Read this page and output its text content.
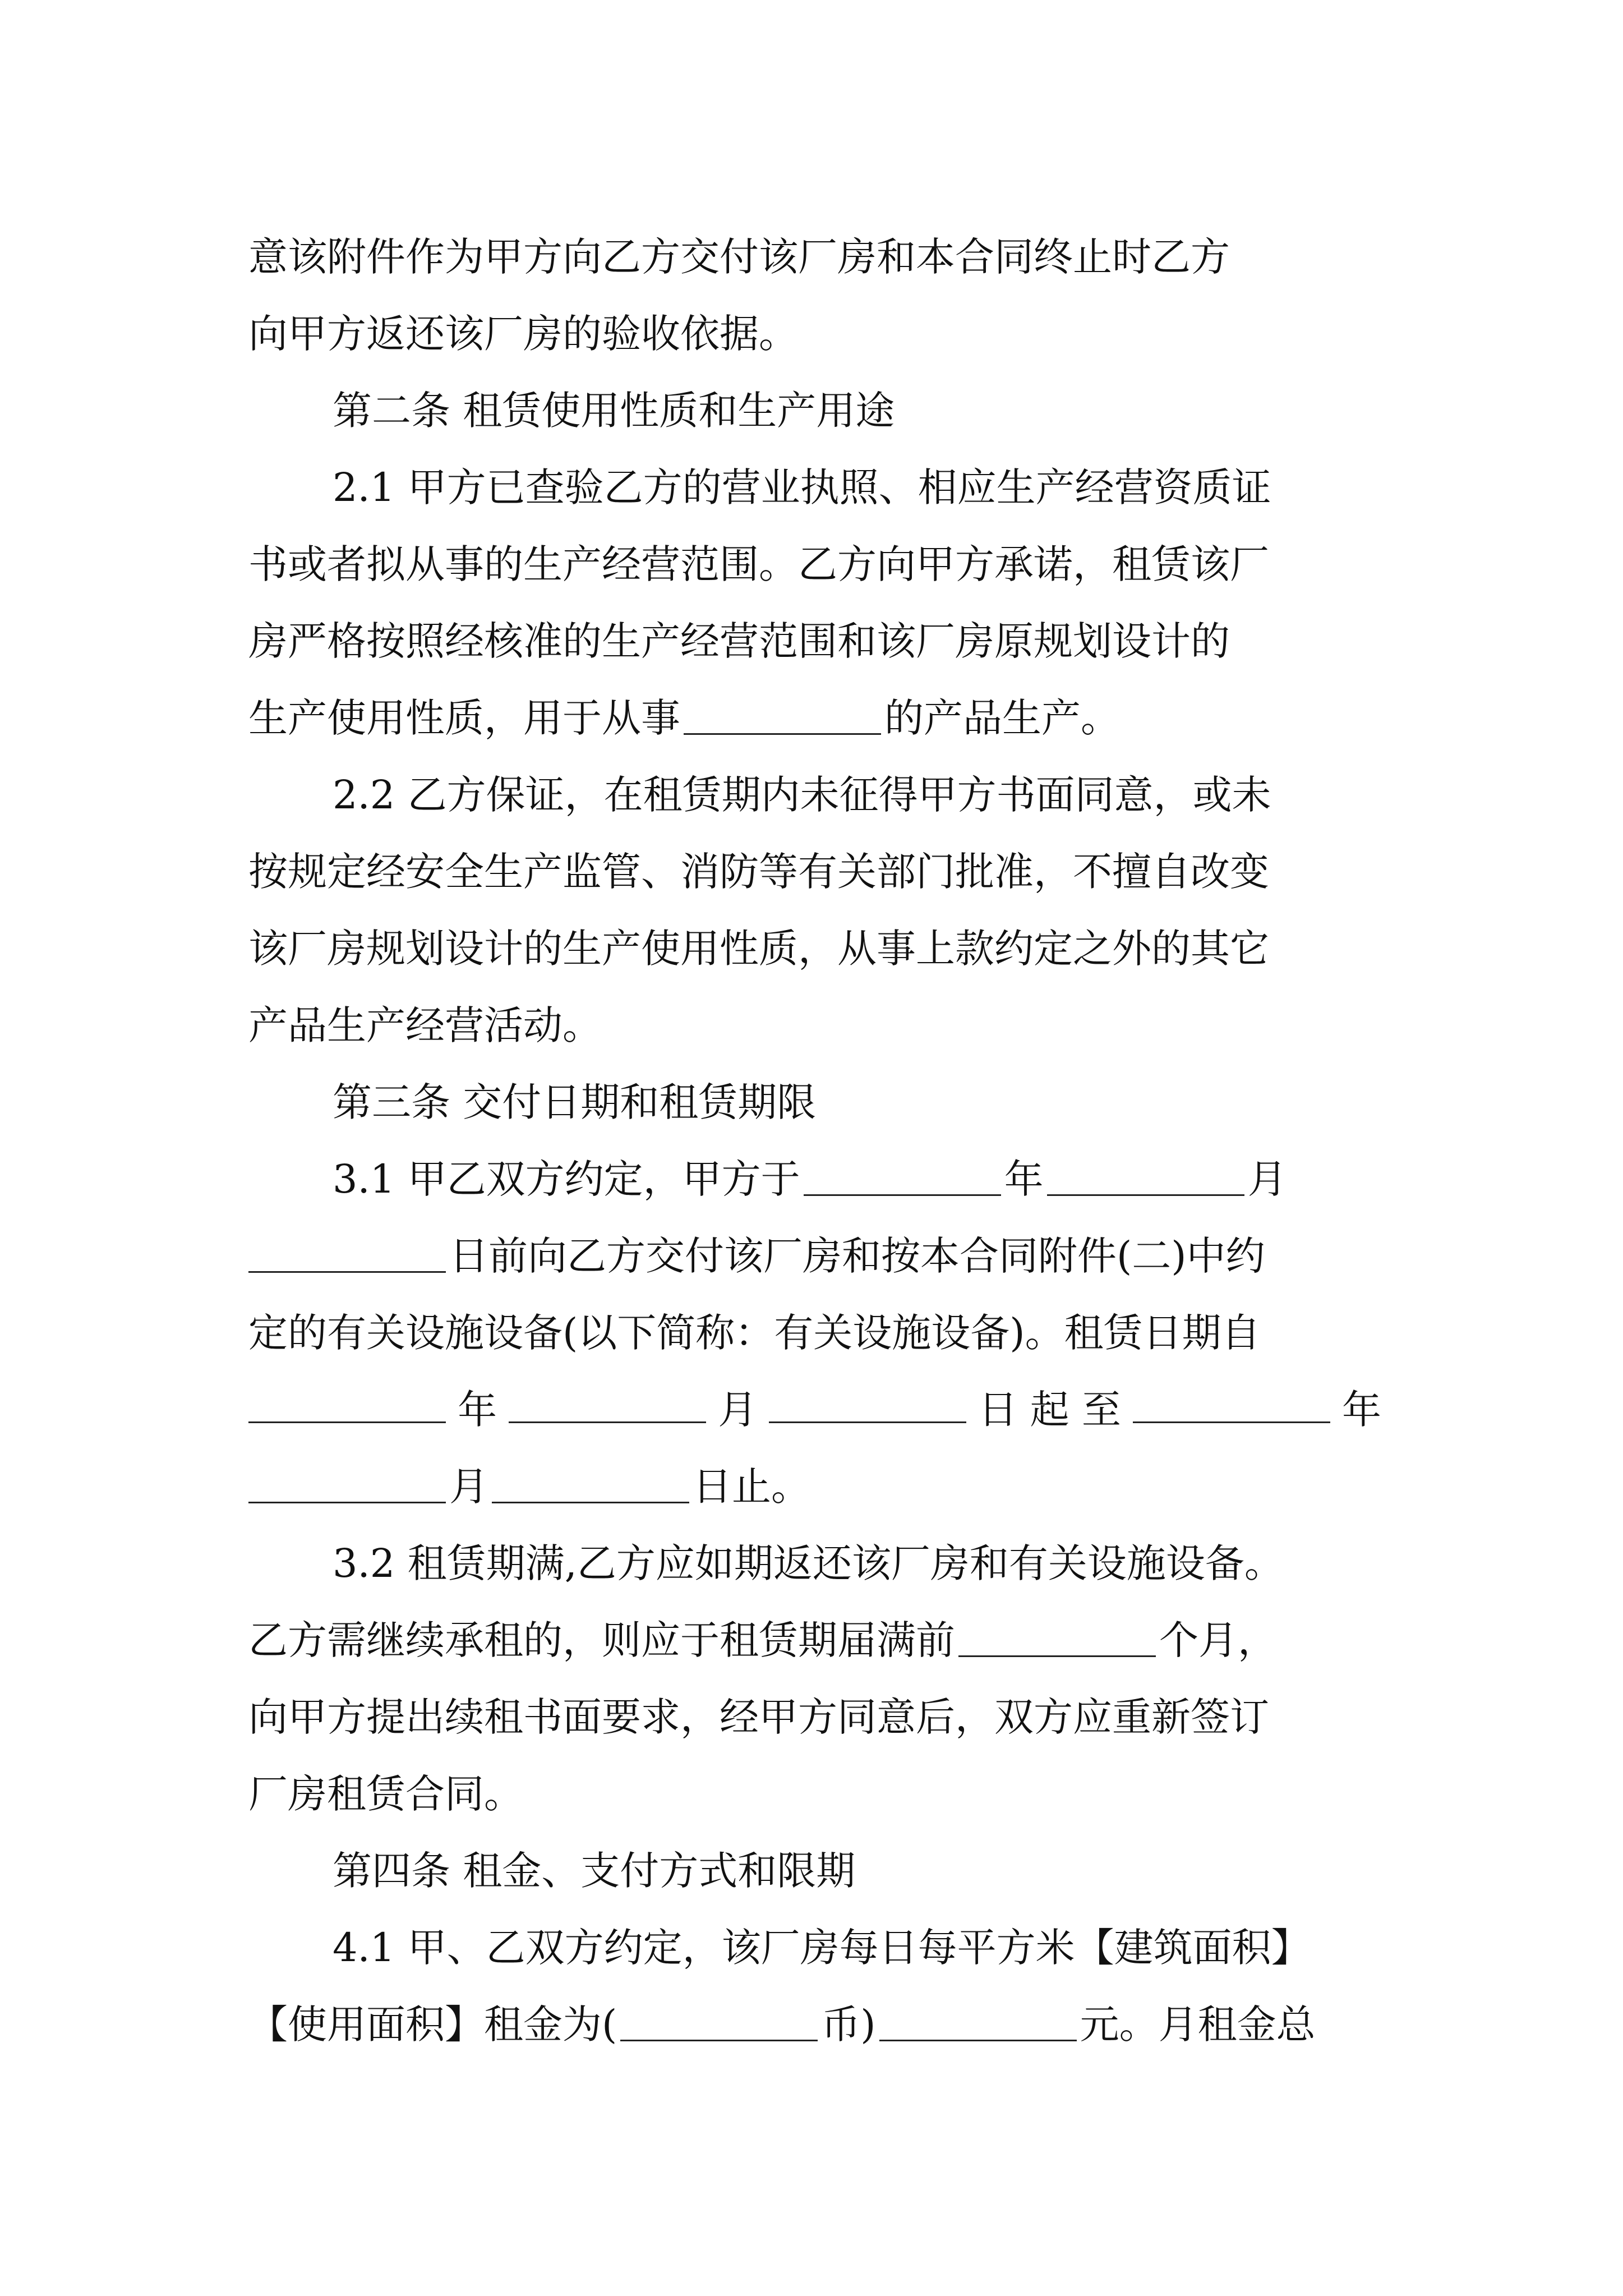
意该附件作为甲方向乙方交付该厂房和本合同终止时乙方
向甲方返还该厂房的验收依据。
第二条 租赁使用性质和生产用途
2.1 甲方已查验乙方的营业执照、相应生产经营资质证
书或者拟从事的生产经营范围。乙方向甲方承诺，租赁该厂
房严格按照经核准的生产经营范围和该厂房原规划设计的
生产使用性质，用于从事	的产品生产。
2.2 乙方保证，在租赁期内未征得甲方书面同意，或未
按规定经安全生产监管、消防等有关部门批准，不擅自改变
该厂房规划设计的生产使用性质，从事上款约定之外的其它
产品生产经营活动。
第三条 交付日期和租赁期限
3.1 甲乙双方约定，甲方于	年	月
日前向乙方交付该厂房和按本合同附件(二)中约
定的有关设施设备(以下简称：有关设施设备)。租赁日期自
年	月	日 起 至	年
月	日止。
3.2 租赁期满,乙方应如期返还该厂房和有关设施设备。
乙方需继续承租的，则应于租赁期届满前	个月，
向甲方提出续租书面要求，经甲方同意后，双方应重新签订
厂房租赁合同。
第四条 租金、支付方式和限期
4.1 甲、乙双方约定，该厂房每日每平方米【建筑面积】
【使用面积】租金为(	币)	元。月租金总
